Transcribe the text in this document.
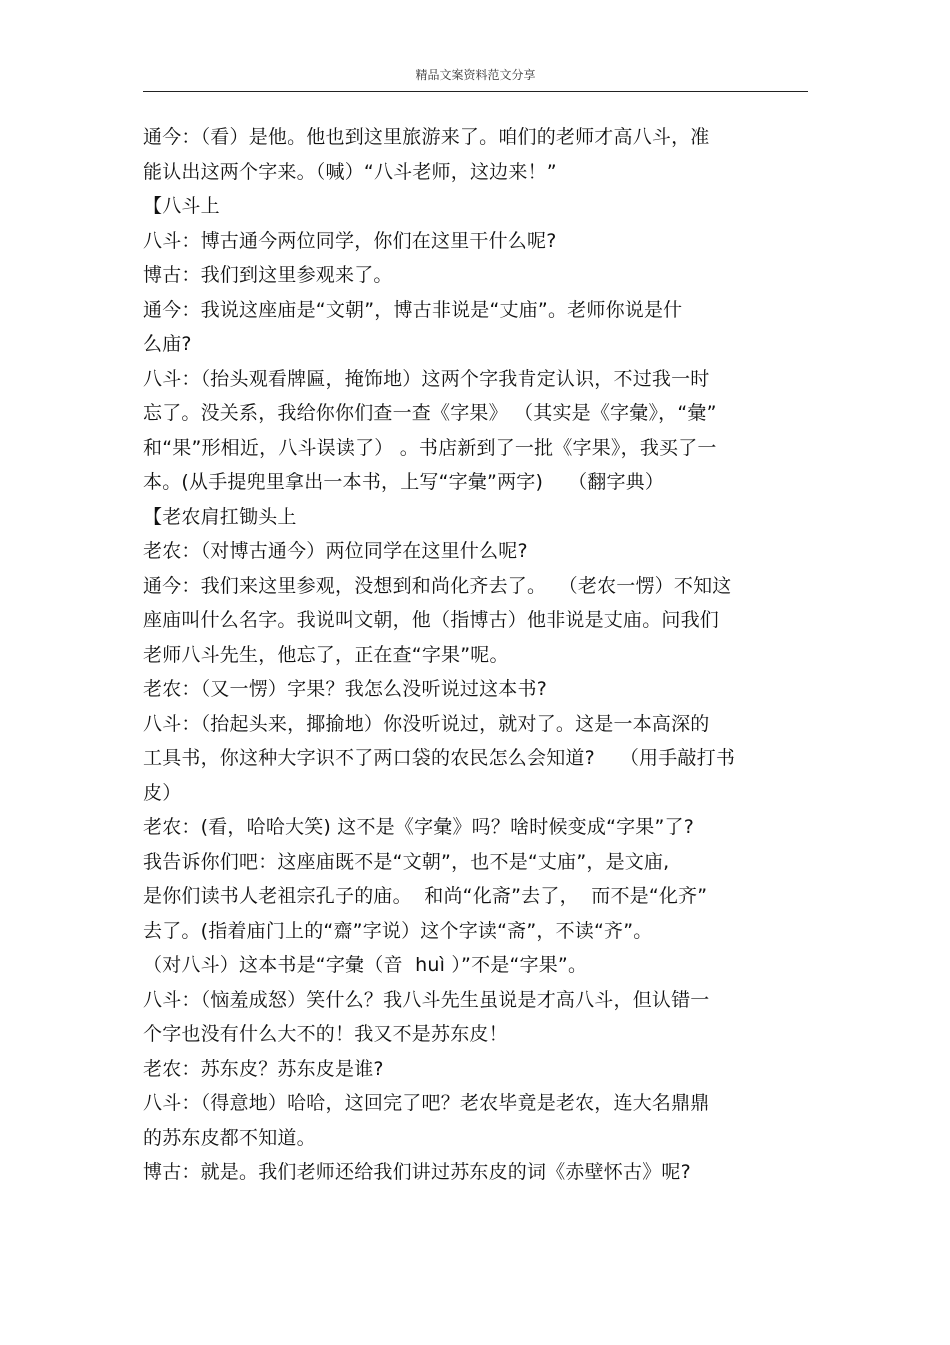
精品文案资料范文分享
通今：（看）是他。他也到这里旅游来了。咱们的老师才高八斗，准
能认出这两个字来。（喊）“八斗老师，这边来！”
【八斗上
八斗：博古通今两位同学，你们在这里干什么呢?
博古：我们到这里参观来了。
通今：我说这座庙是“文朝”，博古非说是“丈庙”。老师你说是什
么庙?
八斗：（抬头观看牌匾，掩饰地）这两个字我肯定认识，不过我一时
忘了。没关系，我给你你们查一查《字果》 （其实是《字彙》，“彙”
和“果”形相近，八斗误读了） 。书店新到了一批《字果》，我买了一
本。(从手提兜里拿出一本书，上写“字彙”两字)    （翻字典）
【老农肩扛锄头上
老农：（对博古通今）两位同学在这里什么呢?
通今：我们来这里参观，没想到和尚化齐去了。  （老农一愣）不知这
座庙叫什么名字。我说叫文朝，他（指博古）他非说是丈庙。问我们
老师八斗先生，他忘了，正在查“字果”呢。
老农：（又一愣）字果？我怎么没听说过这本书?
八斗：（抬起头来，揶揄地）你没听说过，就对了。这是一本高深的
工具书，你这种大字识不了两口袋的农民怎么会知道?    （用手敲打书
皮）
老农：(看，哈哈大笑) 这不是《字彙》吗？啥时候变成“字果”了?
我告诉你们吧：这座庙既不是“文朝”，也不是“丈庙”，是文庙,
是你们读书人老祖宗孔子的庙。  和尚“化斋”去了，  而不是“化齐”
去了。(指着庙门上的“齋”字说）这个字读“斋”，不读“齐”。
（对八斗）这本书是“字彙（音  huì ）”不是“字果”。
八斗：（恼羞成怒）笑什么？我八斗先生虽说是才高八斗，但认错一
个字也没有什么大不的！我又不是苏东皮！
老农：苏东皮？苏东皮是谁?
八斗：（得意地）哈哈，这回完了吧？老农毕竟是老农，连大名鼎鼎
的苏东皮都不知道。
博古：就是。我们老师还给我们讲过苏东皮的词《赤壁怀古》呢?
